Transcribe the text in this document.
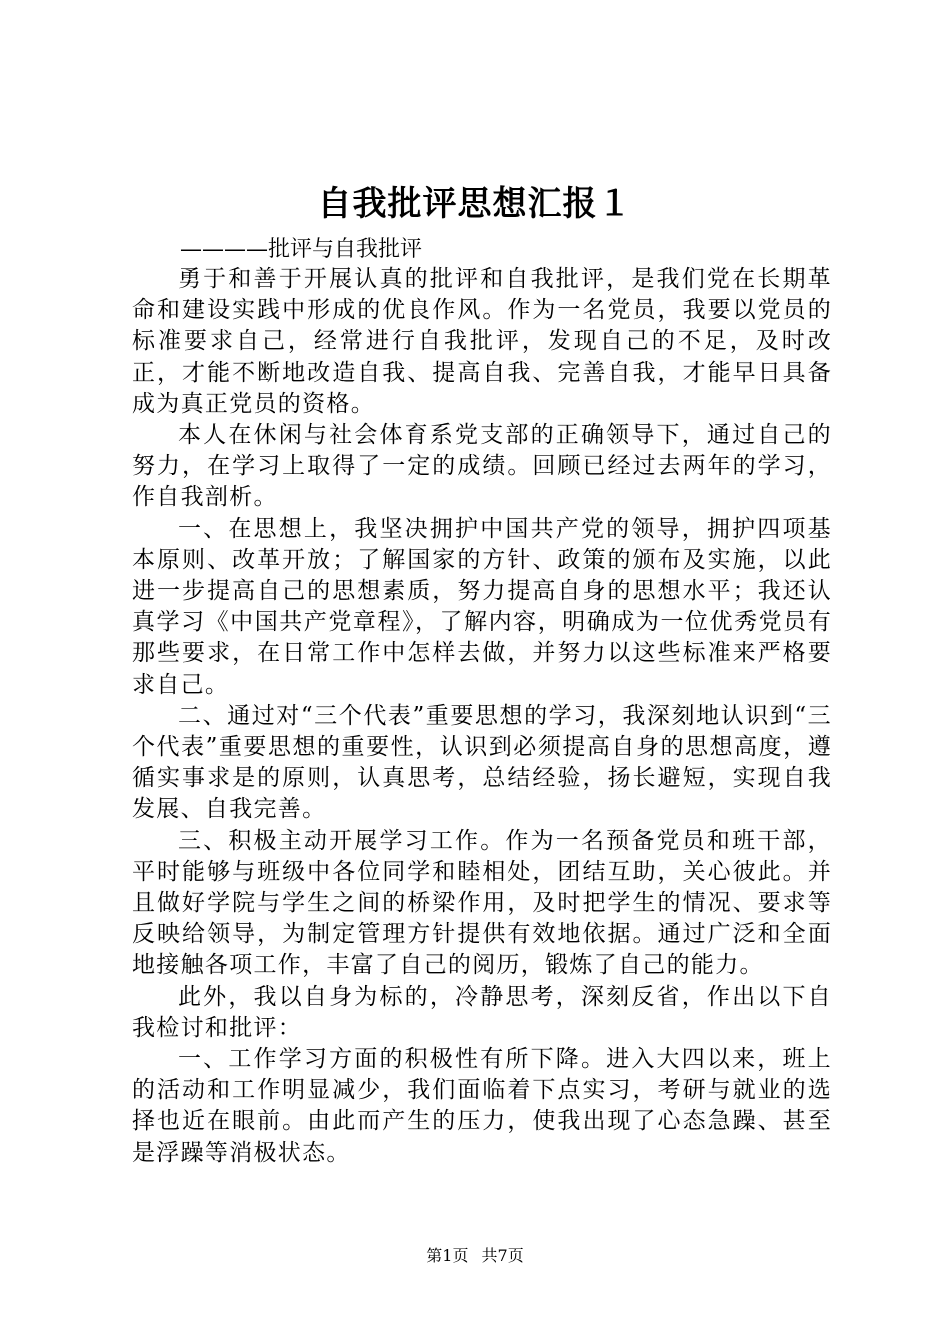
自我批评思想汇报１
————批评与自我批评

勇于和善于开展认真的批评和自我批评，是我们党在长期革命和建设实践中形成的优良作风。作为一名党员，我要以党员的标准要求自己，经常进行自我批评，发现自己的不足，及时改正，才能不断地改造自我、提高自我、完善自我，才能早日具备成为真正党员的资格。

本人在休闲与社会体育系党支部的正确领导下，通过自己的努力，在学习上取得了一定的成绩。回顾已经过去两年的学习，作自我剖析。

一、在思想上，我坚决拥护中国共产党的领导，拥护四项基本原则、改革开放；了解国家的方针、政策的颁布及实施，以此进一步提高自己的思想素质，努力提高自身的思想水平；我还认真学习《中国共产党章程》，了解内容，明确成为一位优秀党员有那些要求，在日常工作中怎样去做，并努力以这些标准来严格要求自己。

二、通过对“三个代表”重要思想的学习，我深刻地认识到“三个代表”重要思想的重要性，认识到必须提高自身的思想高度，遵循实事求是的原则，认真思考，总结经验，扬长避短，实现自我发展、自我完善。

三、积极主动开展学习工作。作为一名预备党员和班干部，平时能够与班级中各位同学和睦相处，团结互助，关心彼此。并且做好学院与学生之间的桥梁作用，及时把学生的情况、要求等反映给领导，为制定管理方针提供有效地依据。通过广泛和全面地接触各项工作，丰富了自己的阅历，锻炼了自己的能力。

此外，我以自身为标的，冷静思考，深刻反省，作出以下自我检讨和批评：

一、工作学习方面的积极性有所下降。进入大四以来，班上的活动和工作明显减少，我们面临着下点实习，考研与就业的选择也近在眼前。由此而产生的压力，使我出现了心态急躁、甚至是浮躁等消极状态。

第1页 共7页
